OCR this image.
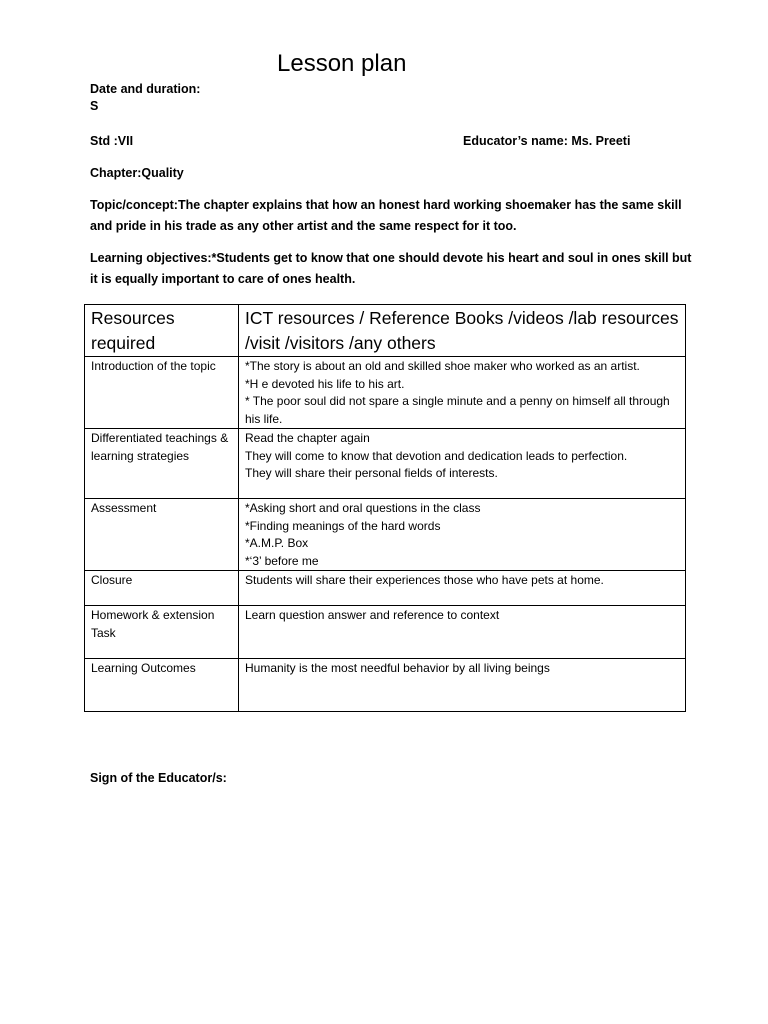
Lesson plan
Date and duration:
S
Std :VII	Educator’s name: Ms. Preeti
Chapter:Quality
Topic/concept:The chapter explains that how an honest hard working shoemaker has the same skill
and pride in his trade as any other artist and the same respect for it too.
Learning objectives:*Students get to know that one should devote his heart and soul in ones skill but
it is equally important to care of ones health.
Resources required	ICT resources / Reference Books /videos /lab resources /visit /visitors /any others
Introduction of the topic	*The story is about an old and skilled shoe maker who worked as an artist.
*H e devoted his life to his art.
* The poor soul did not spare a single minute and a penny on himself all through his life.

Differentiated teachings & learning strategies	Read the chapter again
They will come to know that devotion and dedication leads to perfection.
They will share their personal fields of interests.

Assessment	*Asking short and oral questions in the class
*Finding meanings of the hard words
*A.M.P. Box
*‘3’ before me

Closure	Students will share their experiences those who have pets at home.

Homework & extension Task	Learn question answer and reference to context

Learning Outcomes	Humanity is the most needful behavior by all living beings
Sign of the Educator/s:
